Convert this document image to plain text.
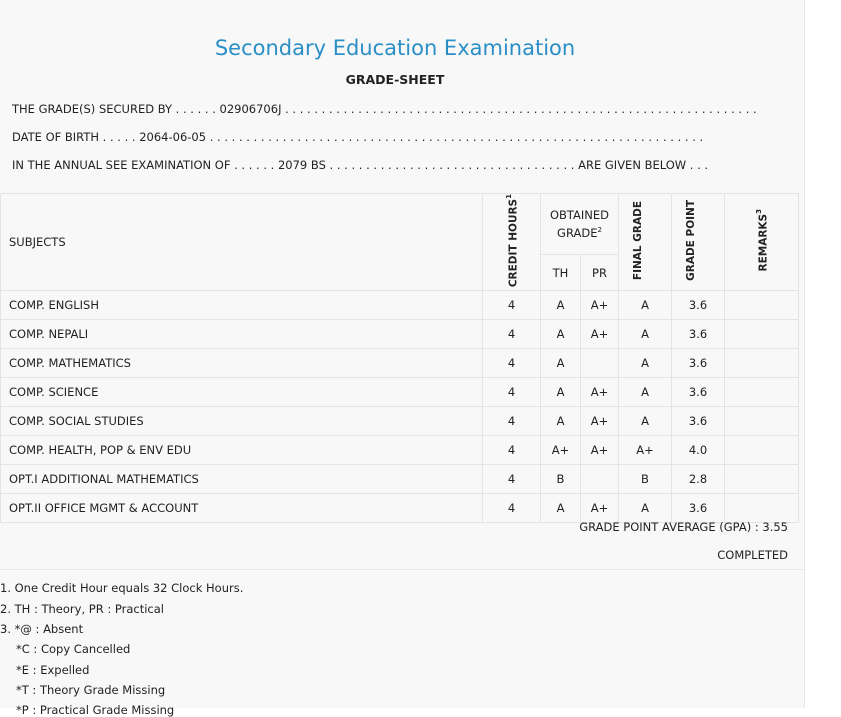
Secondary Education Examination
GRADE-SHEET
THE GRADE(S) SECURED BY . . . . . . 02906706J . . . . . . . . . . . . . . . . . . . . . . . . . . . . . . . . . . . . . . . . . . . . . . . . . . . . . . . . . . . . . . . . .
DATE OF BIRTH . . . . . 2064-06-05 . . . . . . . . . . . . . . . . . . . . . . . . . . . . . . . . . . . . . . . . . . . . . . . . . . . . . . . . . . . . . . . . . . . .
IN THE ANNUAL SEE EXAMINATION OF . . . . . . 2079 BS . . . . . . . . . . . . . . . . . . . . . . . . . . . . . . . . . . ARE GIVEN BELOW . . .
SUBJECTS	CREDIT HOURS$^1$	OBTAINED GRADE$^2$		FINAL GRADE	GRADE POINT	REMARKS$^3$
		TH	PR			
COMP. ENGLISH	4	A	A+	A	3.6	
COMP. NEPALI	4	A	A+	A	3.6	
COMP. MATHEMATICS	4	A		A	3.6	
COMP. SCIENCE	4	A	A+	A	3.6	
COMP. SOCIAL STUDIES	4	A	A+	A	3.6	
COMP. HEALTH, POP & ENV EDU	4	A+	A+	A+	4.0	
OPT.I ADDITIONAL MATHEMATICS	4	B		B	2.8	
OPT.II OFFICE MGMT & ACCOUNT	4	A	A+	A	3.6	
GRADE POINT AVERAGE (GPA) : 3.55
COMPLETED
1. One Credit Hour equals 32 Clock Hours.
2. TH : Theory, PR : Practical
3. *@ : Absent
*C : Copy Cancelled
*E : Expelled
*T : Theory Grade Missing
*P : Practical Grade Missing
